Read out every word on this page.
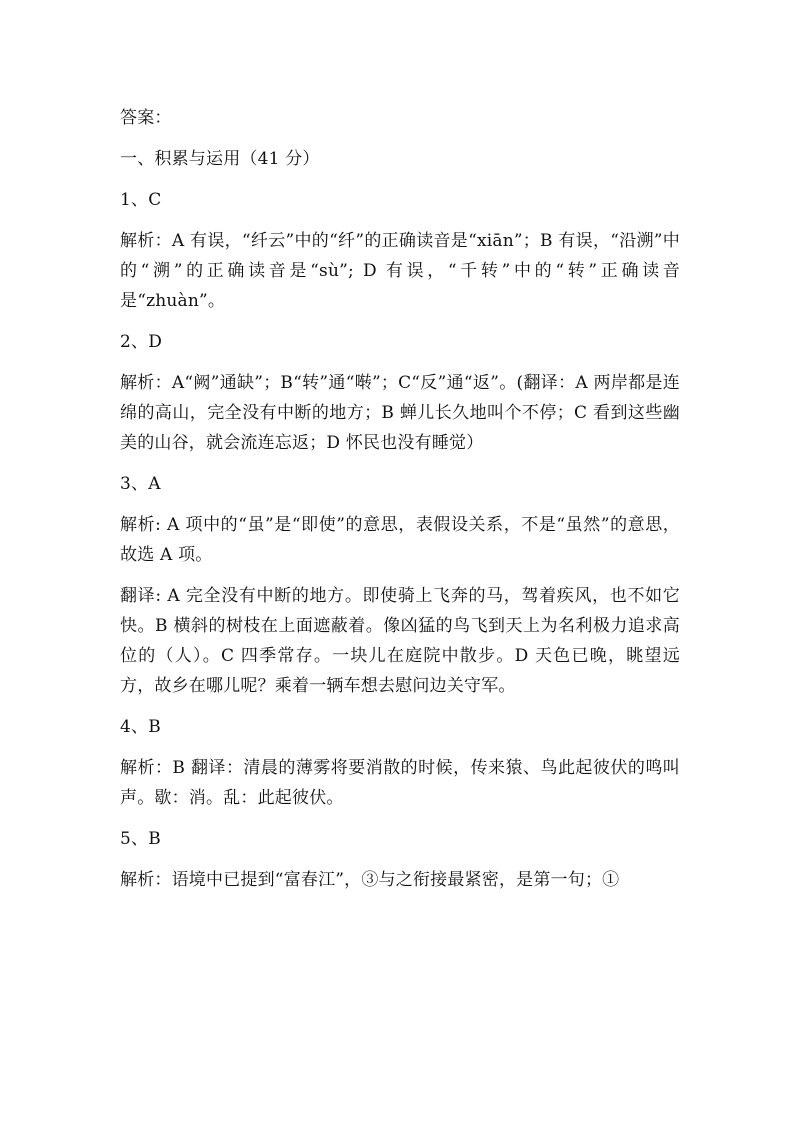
答案：

一、积累与运用（41 分）

1、C

解析：A 有误，“纤云”中的“纤”的正确读音是“xiān”；B 有误，“沿溯”中的“溯”的正确读音是“sù”; D 有误，“千转”中的“转”正确读音是“zhuàn”。

2、D

解析：A“阙”通缺”；B“转”通“啭”；C“反”通“返”。(翻译：A 两岸都是连绵的高山，完全没有中断的地方；B 蝉儿长久地叫个不停；C 看到这些幽美的山谷，就会流连忘返；D 怀民也没有睡觉）

3、A

解析: A 项中的“虽”是“即使”的意思，表假设关系，不是“虽然”的意思，故选 A 项。

翻译: A 完全没有中断的地方。即使骑上飞奔的马，驾着疾风，也不如它快。B 横斜的树枝在上面遮蔽着。像凶猛的鸟飞到天上为名利极力追求高位的（人）。C 四季常存。一块儿在庭院中散步。D 天色已晚，眺望远方，故乡在哪儿呢？乘着一辆车想去慰问边关守军。

4、B

解析：B 翻译：清晨的薄雾将要消散的时候，传来猿、鸟此起彼伏的鸣叫声。歇：消。乱：此起彼伏。

5、B

解析：语境中已提到“富春江”，③与之衔接最紧密，是第一句；①
